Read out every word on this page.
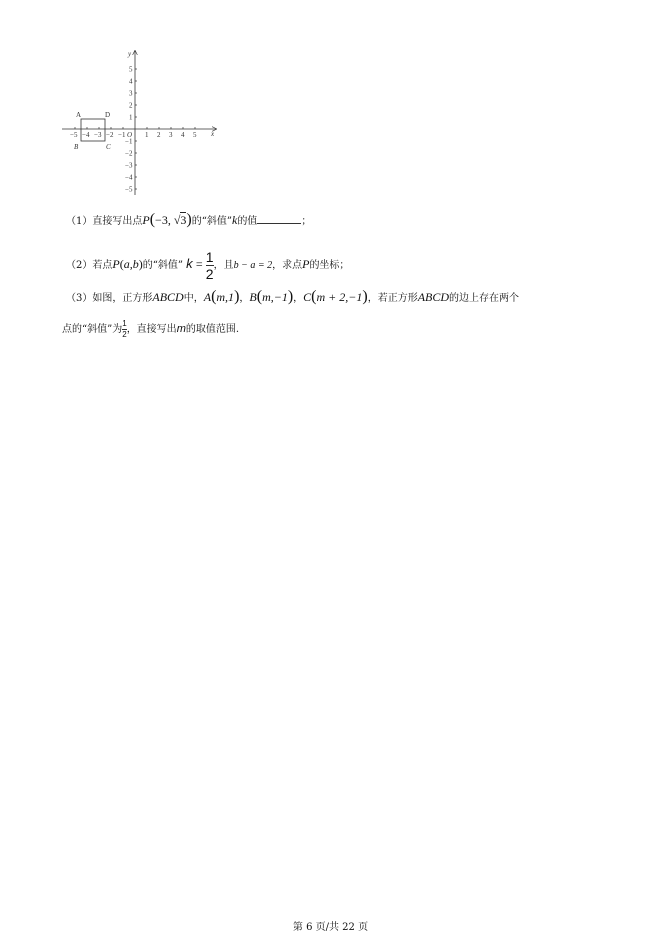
x
y
O
−5 −4 −3 −2 −1	1 2 3 4 5
5
4
3
2
1
−1
−2
−3
−4
−5
A	D
B	C
（1）直接写出点P(−3, √3)的“斜值”k的值	；
（2）若点P(a,b)的“斜值” $k = \frac{1}{2}$ ，且b − a = 2，求点P的坐标；
（3）如图，正方形ABCD中，A(m,1)，B(m,−1)，C(m + 2,−1)，若正方形ABCD的边上存在两个
点的“斜值”为 $\frac{1}{2}$ ，直接写出m的取值范围.
第 6 页/共 22 页
